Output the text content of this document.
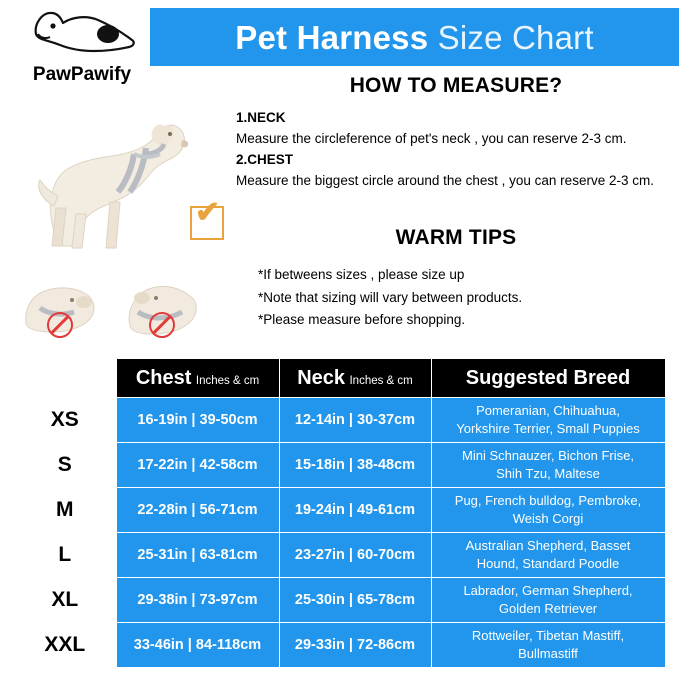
Pet Harness Size Chart
PawPawify
✔
HOW TO MEASURE?
1.NECK
Measure the circleference of pet's neck , you can reserve 2-3 cm.
2.CHEST
Measure the biggest circle around the chest , you can reserve 2-3 cm.
WARM TIPS
*If betweens sizes , please size up
*Note that sizing will vary between products.
*Please measure before shopping.
	Chest Inches & cm	Neck Inches & cm	Suggested Breed
XS	16-19in | 39-50cm	12-14in | 30-37cm	Pomeranian, Chihuahua,
Yorkshire Terrier, Small Puppies
S	17-22in | 42-58cm	15-18in | 38-48cm	Mini Schnauzer, Bichon Frise,
Shih Tzu, Maltese
M	22-28in | 56-71cm	19-24in | 49-61cm	Pug, French bulldog, Pembroke,
Weish Corgi
L	25-31in | 63-81cm	23-27in | 60-70cm	Australian Shepherd, Basset
Hound, Standard Poodle
XL	29-38in | 73-97cm	25-30in | 65-78cm	Labrador, German Shepherd,
Golden Retriever
XXL	33-46in | 84-118cm	29-33in | 72-86cm	Rottweiler, Tibetan Mastiff,
Bullmastiff
